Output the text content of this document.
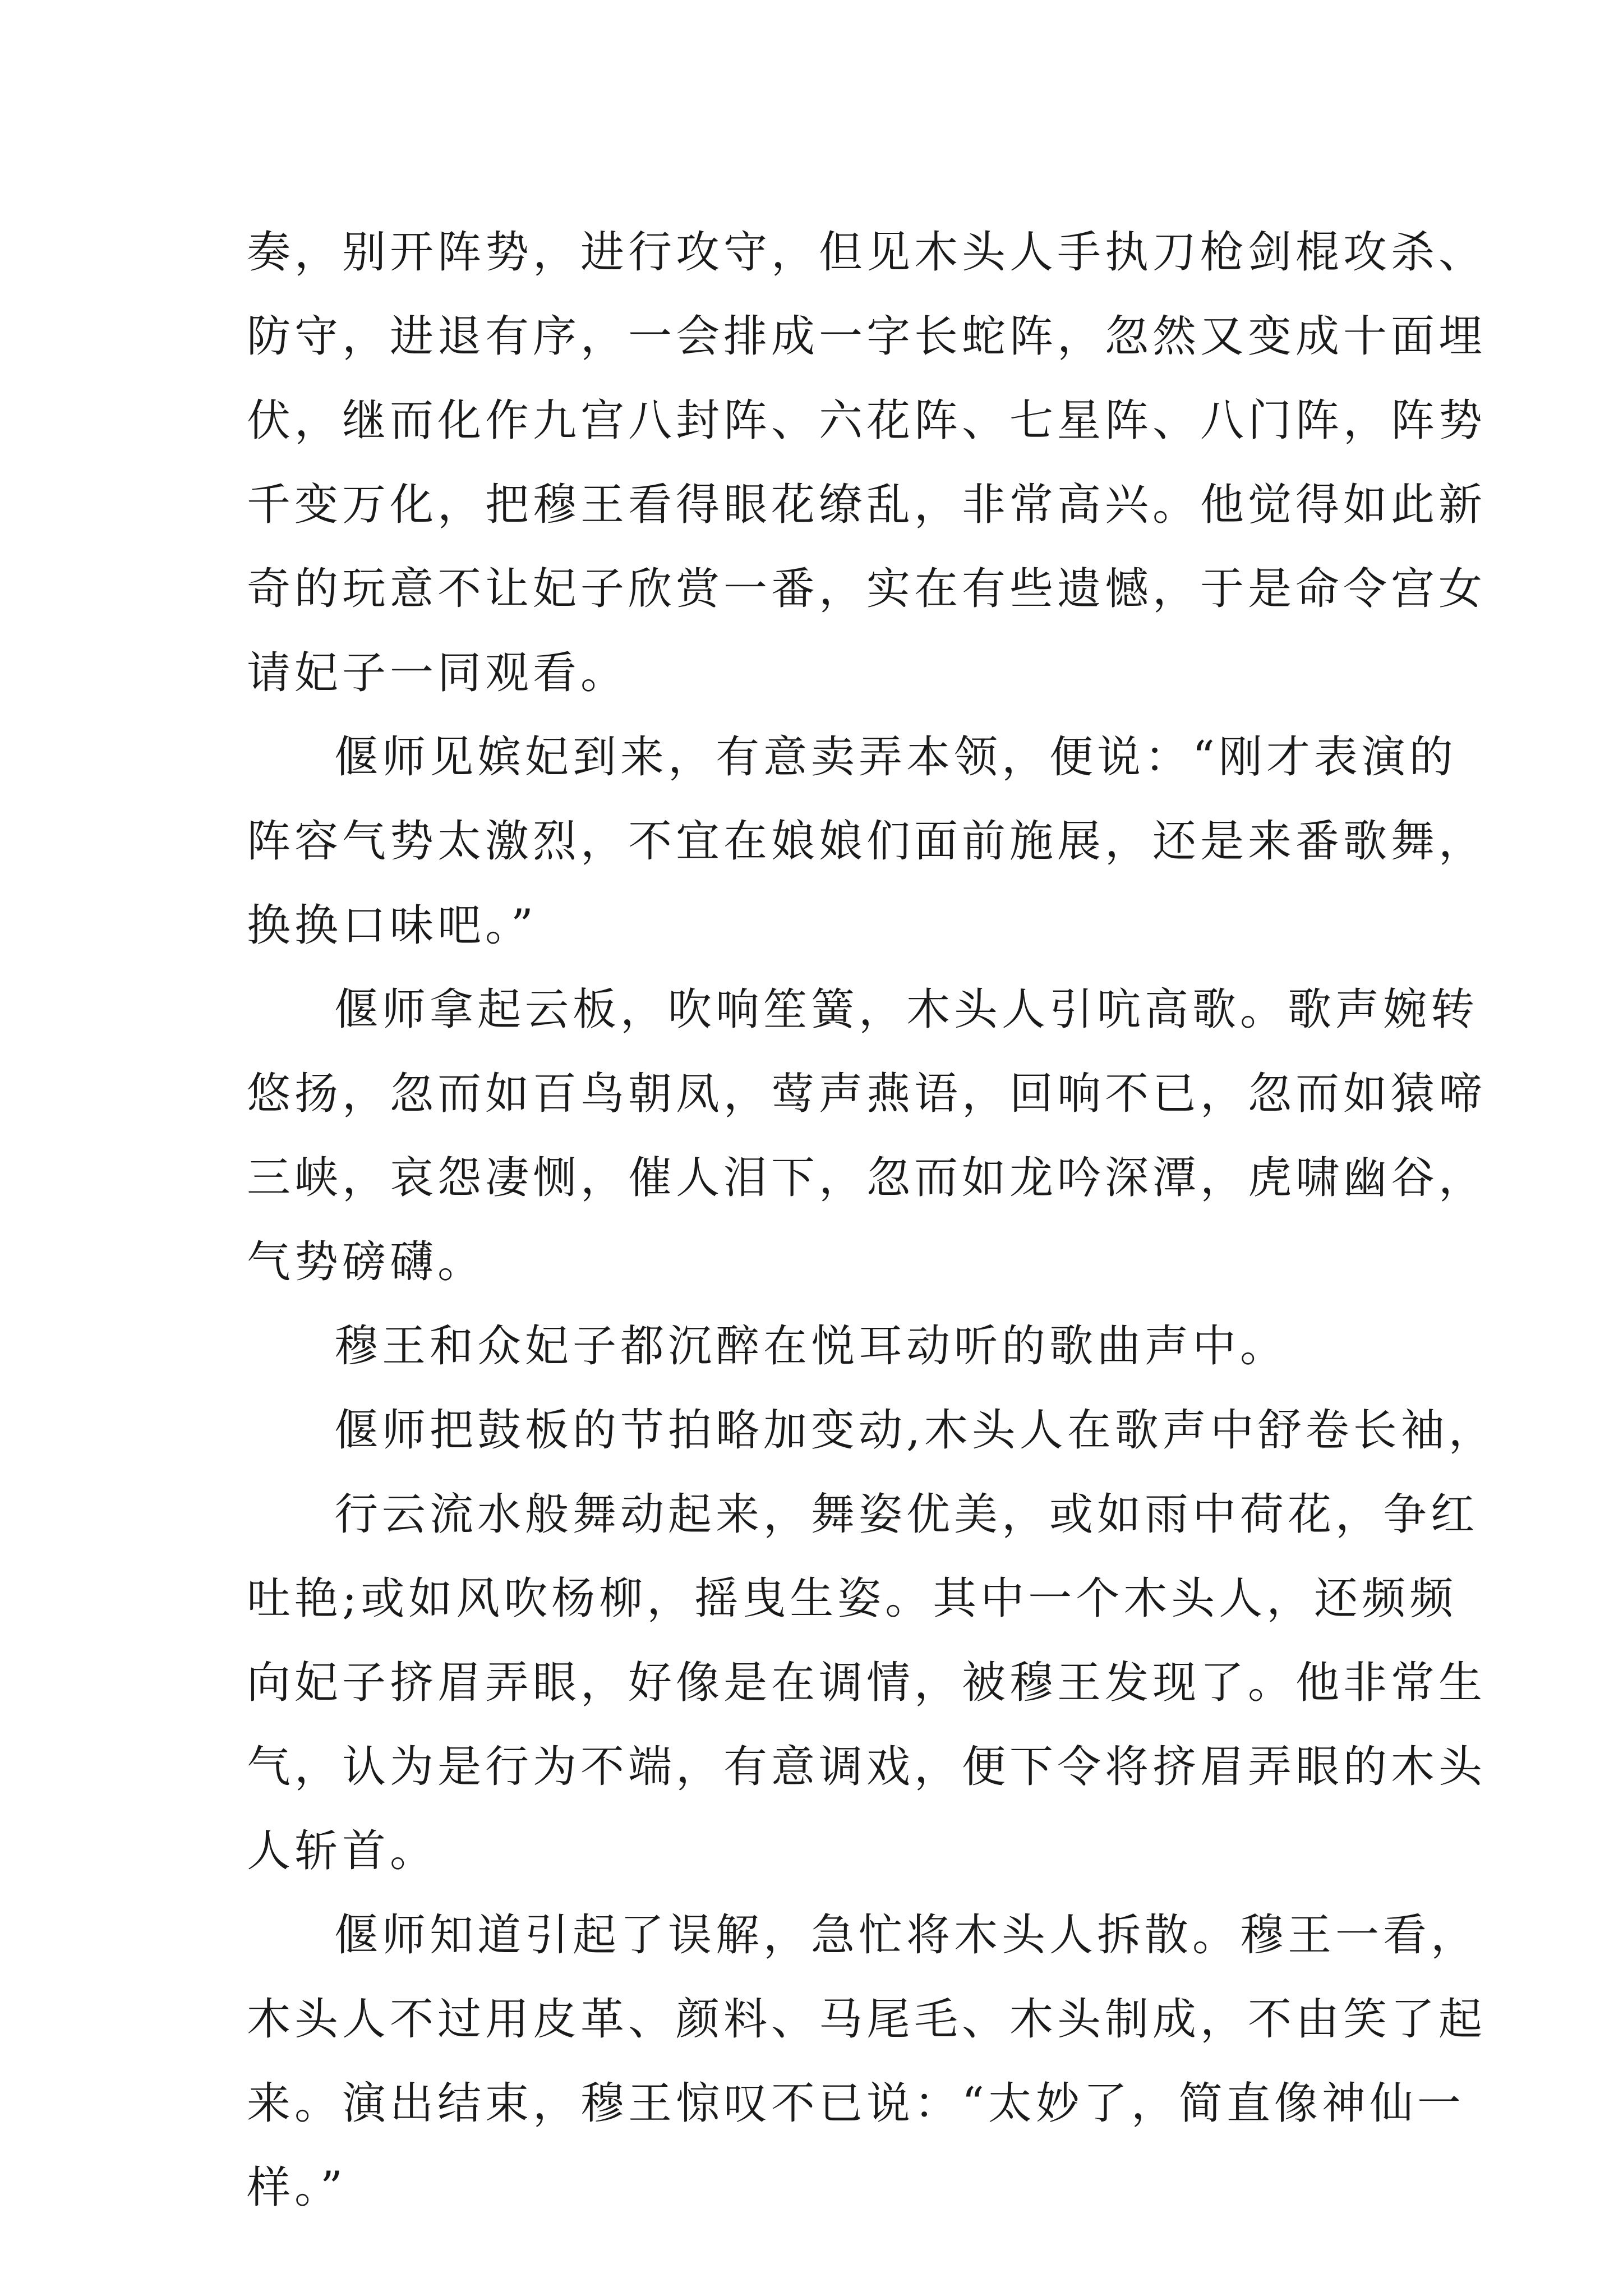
奏，别开阵势，进行攻守，但见木头人手执刀枪剑棍攻杀、
防守，进退有序，一会排成一字长蛇阵，忽然又变成十面埋
伏，继而化作九宫八封阵、六花阵、七星阵、八门阵，阵势
千变万化，把穆王看得眼花缭乱，非常高兴。他觉得如此新
奇的玩意不让妃子欣赏一番，实在有些遗憾，于是命令宫女
请妃子一同观看。
偃师见嫔妃到来，有意卖弄本领，便说：“刚才表演的
阵容气势太激烈，不宜在娘娘们面前施展，还是来番歌舞，
换换口味吧。”
偃师拿起云板，吹响笙簧，木头人引吭高歌。歌声婉转
悠扬，忽而如百鸟朝凤，莺声燕语，回响不已，忽而如猿啼
三峡，哀怨凄恻，催人泪下，忽而如龙吟深潭，虎啸幽谷，
气势磅礴。
穆王和众妃子都沉醉在悦耳动听的歌曲声中。
偃师把鼓板的节拍略加变动,木头人在歌声中舒卷长袖，
行云流水般舞动起来，舞姿优美，或如雨中荷花，争红
吐艳;或如风吹杨柳，摇曳生姿。其中一个木头人，还频频
向妃子挤眉弄眼，好像是在调情，被穆王发现了。他非常生
气，认为是行为不端，有意调戏，便下令将挤眉弄眼的木头
人斩首。
偃师知道引起了误解，急忙将木头人拆散。穆王一看，
木头人不过用皮革、颜料、马尾毛、木头制成，不由笑了起
来。演出结束，穆王惊叹不已说：“太妙了，简直像神仙一
样。”
